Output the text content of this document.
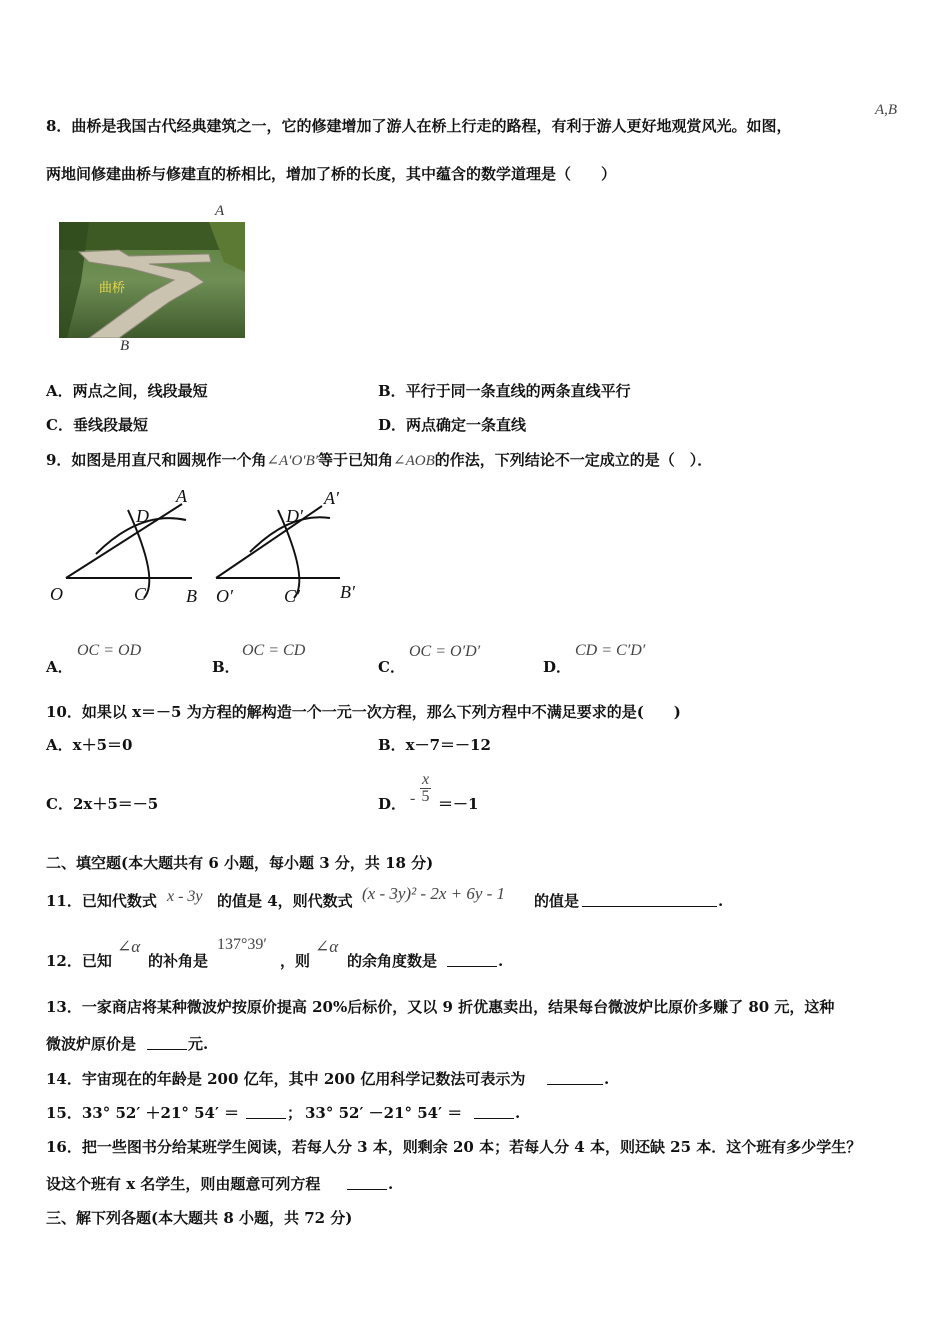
8．曲桥是我国古代经典建筑之一，它的修建增加了游人在桥上行走的路程，有利于游人更好地观赏风光。如图，
A,B
两地间修建曲桥与修建直的桥相比，增加了桥的长度，其中蕴含的数学道理是（　　）
A
曲桥
B
A．两点之间，线段最短	B．平行于同一条直线的两条直线平行
C．垂线段最短	D．两点确定一条直线
9．如图是用直尺和圆规作一个角∠A′O′B′等于已知角∠AOB的作法，下列结论不一定成立的是（　）．
A
D
O	C B
A′
D′
O′	C′ B′
A．
OC = OD
B．
OC = CD
C．
OC = O′D′
D．
CD = C′D′
10．如果以 x＝－5 为方程的解构造一个一元一次方程，那么下列方程中不满足要求的是(　　)
A．x＋5＝0	B．x－7＝－12
C．2x＋5＝－5	D． - $\frac{x}{5} =-1$
二、填空题(本大题共有 6 小题，每小题 3 分，共 18 分)
11．已知代数式 x - 3y 的值是 4，则代数式 (x - 3y)² - 2x + 6y - 1 的值是	.
12．已知
∠α
的补角是
137°39′
，则
∠α
的余角度数是	.
13．一家商店将某种微波炉按原价提高 20%后标价，又以 9 折优惠卖出，结果每台微波炉比原价多赚了 80 元，这种
微波炉原价是	元.
14．宇宙现在的年龄是 200 亿年，其中 200 亿用科学记数法可表示为	.
15．33° 52′ ＋21° 54′ ＝	； 33° 52′ －21° 54′ ＝	.
16．把一些图书分给某班学生阅读，若每人分 3 本，则剩余 20 本；若每人分 4 本，则还缺 25 本．这个班有多少学生？
设这个班有 x 名学生，则由题意可列方程	.
三、解下列各题(本大题共 8 小题，共 72 分)
